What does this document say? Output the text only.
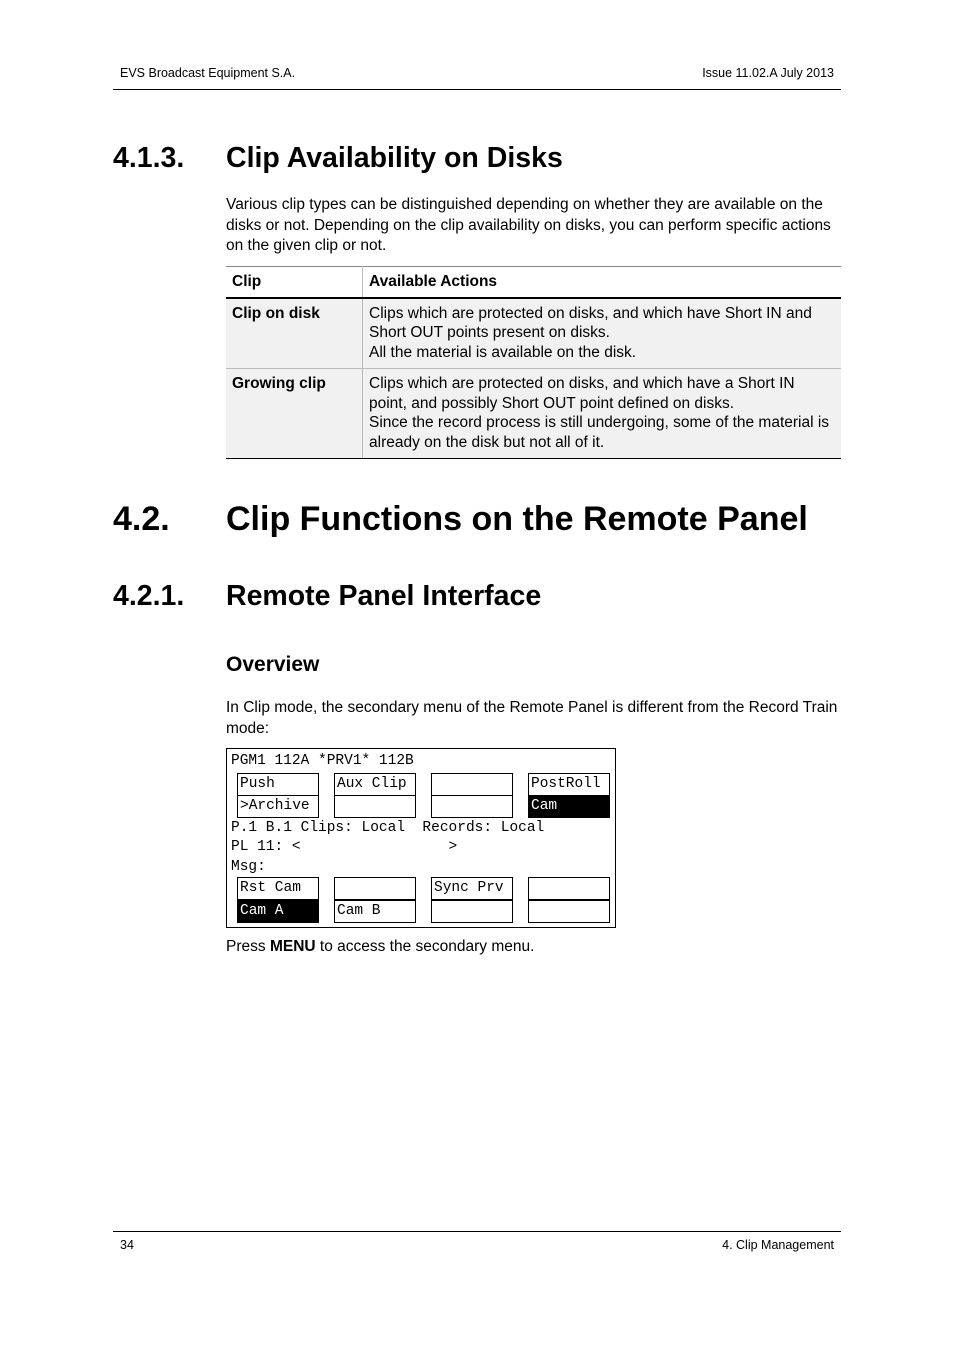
EVS Broadcast Equipment S.A.	Issue 11.02.A July 2013
4.1.3. Clip Availability on Disks

Various clip types can be distinguished depending on whether they are available on the disks or not. Depending on the clip availability on disks, you can perform specific actions on the given clip or not.

Clip	Available Actions
Clip on disk	Clips which are protected on disks, and which have Short IN and Short OUT points present on disks.
All the material is available on the disk.

Growing clip	Clips which are protected on disks, and which have a Short IN point, and possibly Short OUT point defined on disks.
Since the record process is still undergoing, some of the material is already on the disk but not all of it.
4.2. Clip Functions on the Remote Panel
4.2.1. Remote Panel Interface
Overview

In Clip mode, the secondary menu of the Remote Panel is different from the Record Train mode:

PGM1 112A *PRV1* 112B
Push
>Archive
Aux Clip	PostRoll
Cam
P.1 B.1 Clips: Local  Records: Local
PL 11: <                 >
Msg:
Rst Cam
Cam A	Cam B
Sync Prv

Press MENU to access the secondary menu.

34	4. Clip Management
